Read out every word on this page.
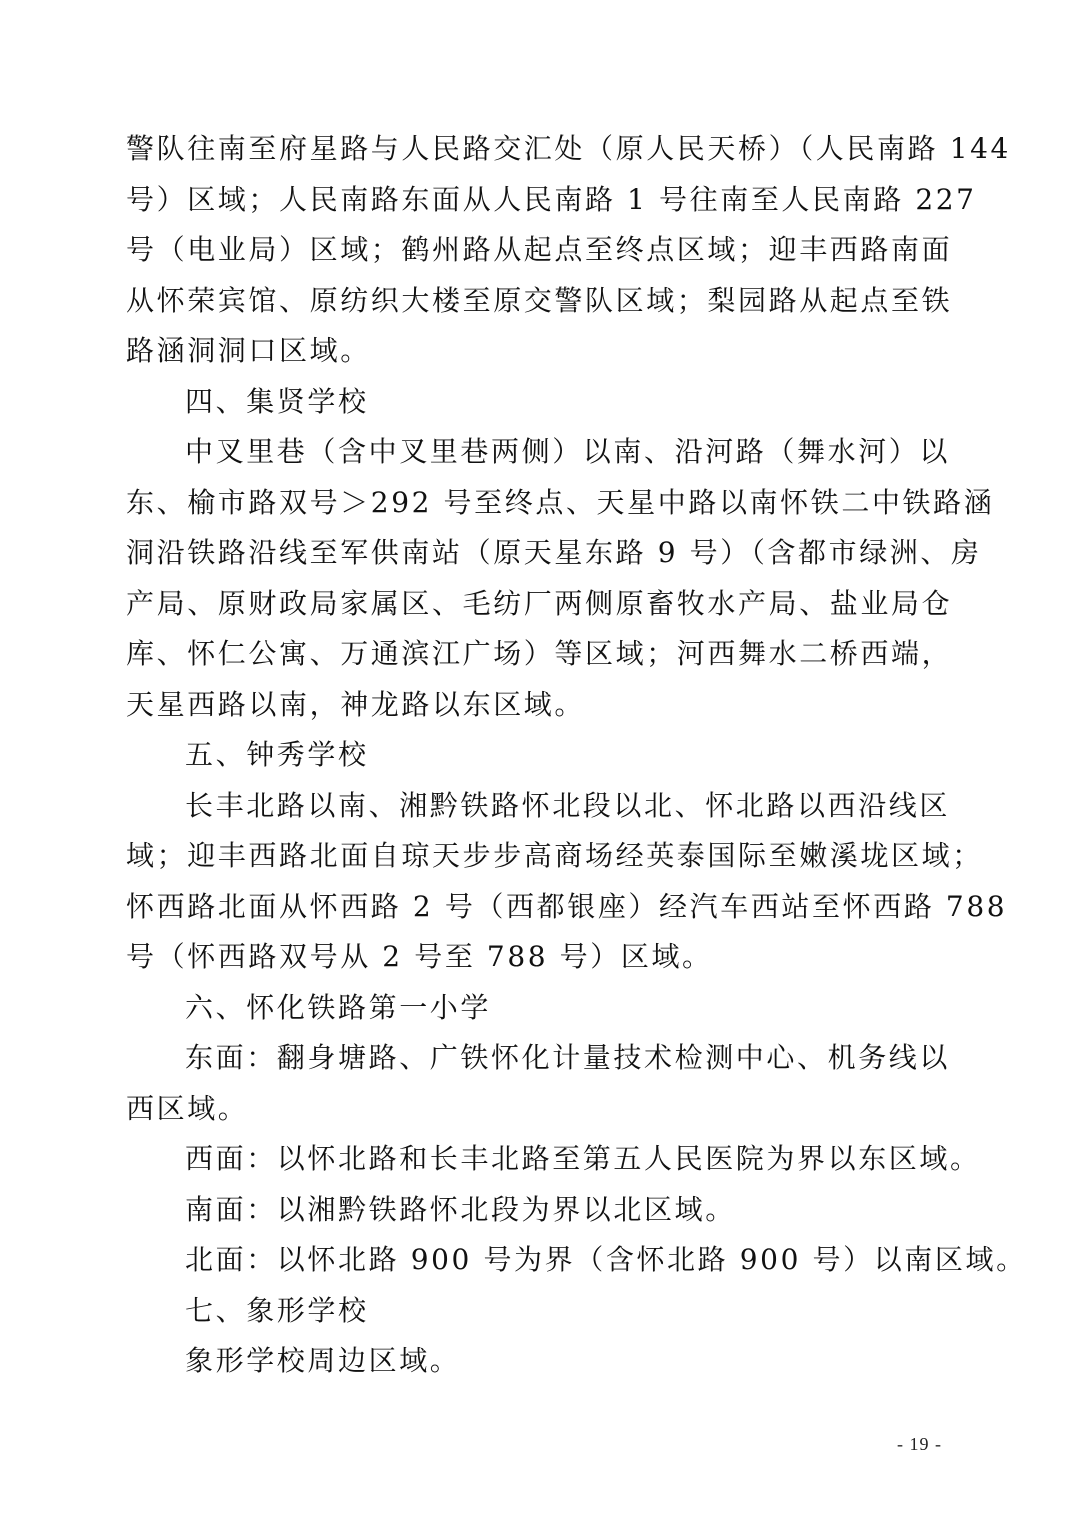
警队往南至府星路与人民路交汇处（原人民天桥）（人民南路 144
号）区域；人民南路东面从人民南路 1 号往南至人民南路 227
号（电业局）区域；鹤州路从起点至终点区域；迎丰西路南面
从怀荣宾馆、原纺织大楼至原交警队区域；梨园路从起点至铁
路涵洞洞口区域。
四、集贤学校
中叉里巷（含中叉里巷两侧）以南、沿河路（舞水河）以
东、榆市路双号＞292 号至终点、天星中路以南怀铁二中铁路涵
洞沿铁路沿线至军供南站（原天星东路 9 号）（含都市绿洲、房
产局、原财政局家属区、毛纺厂两侧原畜牧水产局、盐业局仓
库、怀仁公寓、万通滨江广场）等区域；河西舞水二桥西端，
天星西路以南，神龙路以东区域。
五、钟秀学校
长丰北路以南、湘黔铁路怀北段以北、怀北路以西沿线区
域；迎丰西路北面自琼天步步高商场经英泰国际至嫩溪垅区域；
怀西路北面从怀西路 2 号（西都银座）经汽车西站至怀西路 788
号（怀西路双号从 2 号至 788 号）区域。
六、怀化铁路第一小学
东面：翻身塘路、广铁怀化计量技术检测中心、机务线以
西区域。
西面：以怀北路和长丰北路至第五人民医院为界以东区域。
南面：以湘黔铁路怀北段为界以北区域。
北面：以怀北路 900 号为界（含怀北路 900 号）以南区域。
七、象形学校
象形学校周边区域。
- 19 -
